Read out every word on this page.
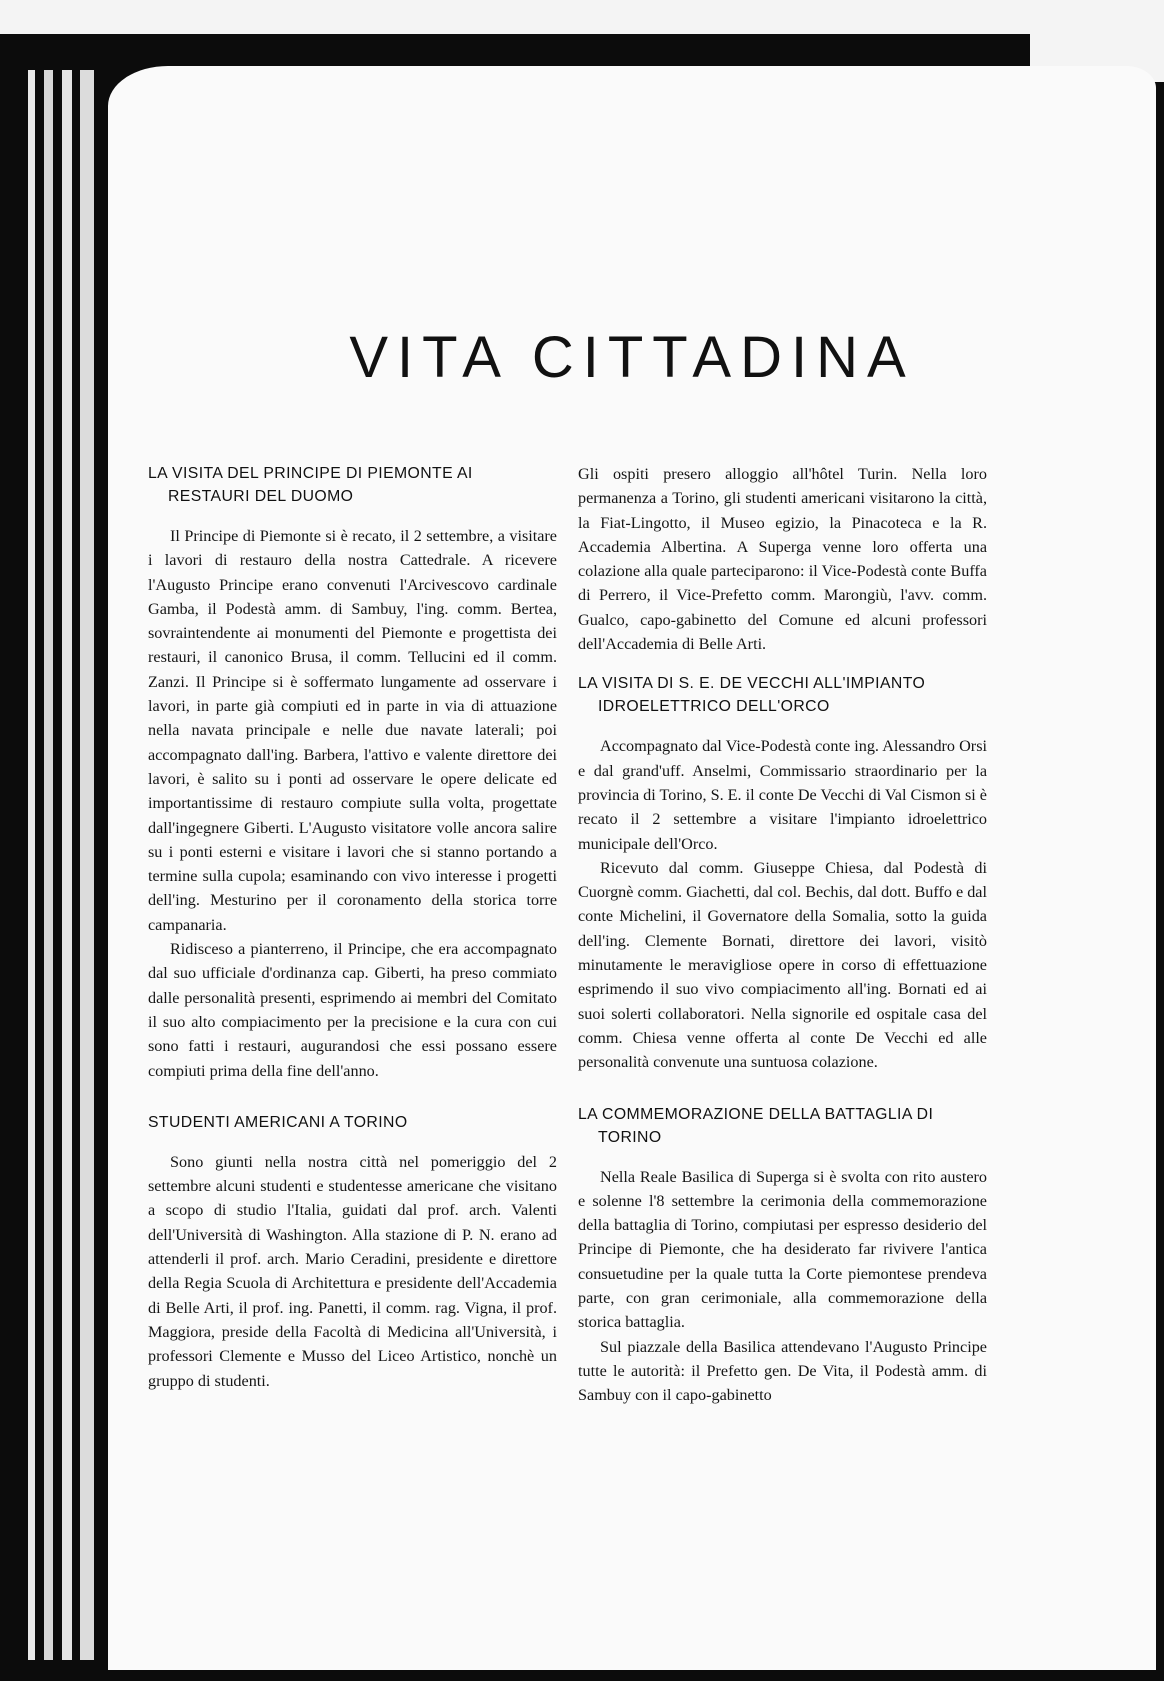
VITA CITTADINA
LA VISITA DEL PRINCIPE DI PIEMONTE AI RESTAURI DEL DUOMO

Il Principe di Piemonte si è recato, il 2 settembre, a visitare i lavori di restauro della nostra Cattedrale. A ricevere l'Augusto Principe erano convenuti l'Arcivescovo cardinale Gamba, il Podestà amm. di Sambuy, l'ing. comm. Bertea, sovraintendente ai monumenti del Piemonte e progettista dei restauri, il canonico Brusa, il comm. Tellucini ed il comm. Zanzi. Il Principe si è soffermato lungamente ad osservare i lavori, in parte già compiuti ed in parte in via di attuazione nella navata principale e nelle due navate laterali; poi accompagnato dall'ing. Barbera, l'attivo e valente direttore dei lavori, è salito su i ponti ad osservare le opere delicate ed importantissime di restauro compiute sulla volta, progettate dall'ingegnere Giberti. L'Augusto visitatore volle ancora salire su i ponti esterni e visitare i lavori che si stanno portando a termine sulla cupola; esaminando con vivo interesse i progetti dell'ing. Mesturino per il coronamento della storica torre campanaria.

Ridisceso a pianterreno, il Principe, che era accompagnato dal suo ufficiale d'ordinanza cap. Giberti, ha preso commiato dalle personalità presenti, esprimendo ai membri del Comitato il suo alto compiacimento per la precisione e la cura con cui sono fatti i restauri, augurandosi che essi possano essere compiuti prima della fine dell'anno.

STUDENTI AMERICANI A TORINO

Sono giunti nella nostra città nel pomeriggio del 2 settembre alcuni studenti e studentesse americane che visitano a scopo di studio l'Italia, guidati dal prof. arch. Valenti dell'Università di Washington. Alla stazione di P. N. erano ad attenderli il prof. arch. Mario Ceradini, presidente e direttore della Regia Scuola di Architettura e presidente dell'Accademia di Belle Arti, il prof. ing. Panetti, il comm. rag. Vigna, il prof. Maggiora, preside della Facoltà di Medicina all'Università, i professori Clemente e Musso del Liceo Artistico, nonchè un gruppo di studenti.

Gli ospiti presero alloggio all'hôtel Turin. Nella loro permanenza a Torino, gli studenti americani visitarono la città, la Fiat-Lingotto, il Museo egizio, la Pinacoteca e la R. Accademia Albertina. A Superga venne loro offerta una colazione alla quale parteciparono: il Vice-Podestà conte Buffa di Perrero, il Vice-Prefetto comm. Marongiù, l'avv. comm. Gualco, capo-gabinetto del Comune ed alcuni professori dell'Accademia di Belle Arti.

LA VISITA DI S. E. DE VECCHI ALL'IMPIANTO IDROELETTRICO DELL'ORCO

Accompagnato dal Vice-Podestà conte ing. Alessandro Orsi e dal grand'uff. Anselmi, Commissario straordinario per la provincia di Torino, S. E. il conte De Vecchi di Val Cismon si è recato il 2 settembre a visitare l'impianto idroelettrico municipale dell'Orco.

Ricevuto dal comm. Giuseppe Chiesa, dal Podestà di Cuorgnè comm. Giachetti, dal col. Bechis, dal dott. Buffo e dal conte Michelini, il Governatore della Somalia, sotto la guida dell'ing. Clemente Bornati, direttore dei lavori, visitò minutamente le meravigliose opere in corso di effettuazione esprimendo il suo vivo compiacimento all'ing. Bornati ed ai suoi solerti collaboratori. Nella signorile ed ospitale casa del comm. Chiesa venne offerta al conte De Vecchi ed alle personalità convenute una suntuosa colazione.

LA COMMEMORAZIONE DELLA BATTAGLIA DI TORINO

Nella Reale Basilica di Superga si è svolta con rito austero e solenne l'8 settembre la cerimonia della commemorazione della battaglia di Torino, compiutasi per espresso desiderio del Principe di Piemonte, che ha desiderato far rivivere l'antica consuetudine per la quale tutta la Corte piemontese prendeva parte, con gran cerimoniale, alla commemorazione della storica battaglia.

Sul piazzale della Basilica attendevano l'Augusto Principe tutte le autorità: il Prefetto gen. De Vita, il Podestà amm. di Sambuy con il capo-gabinetto
